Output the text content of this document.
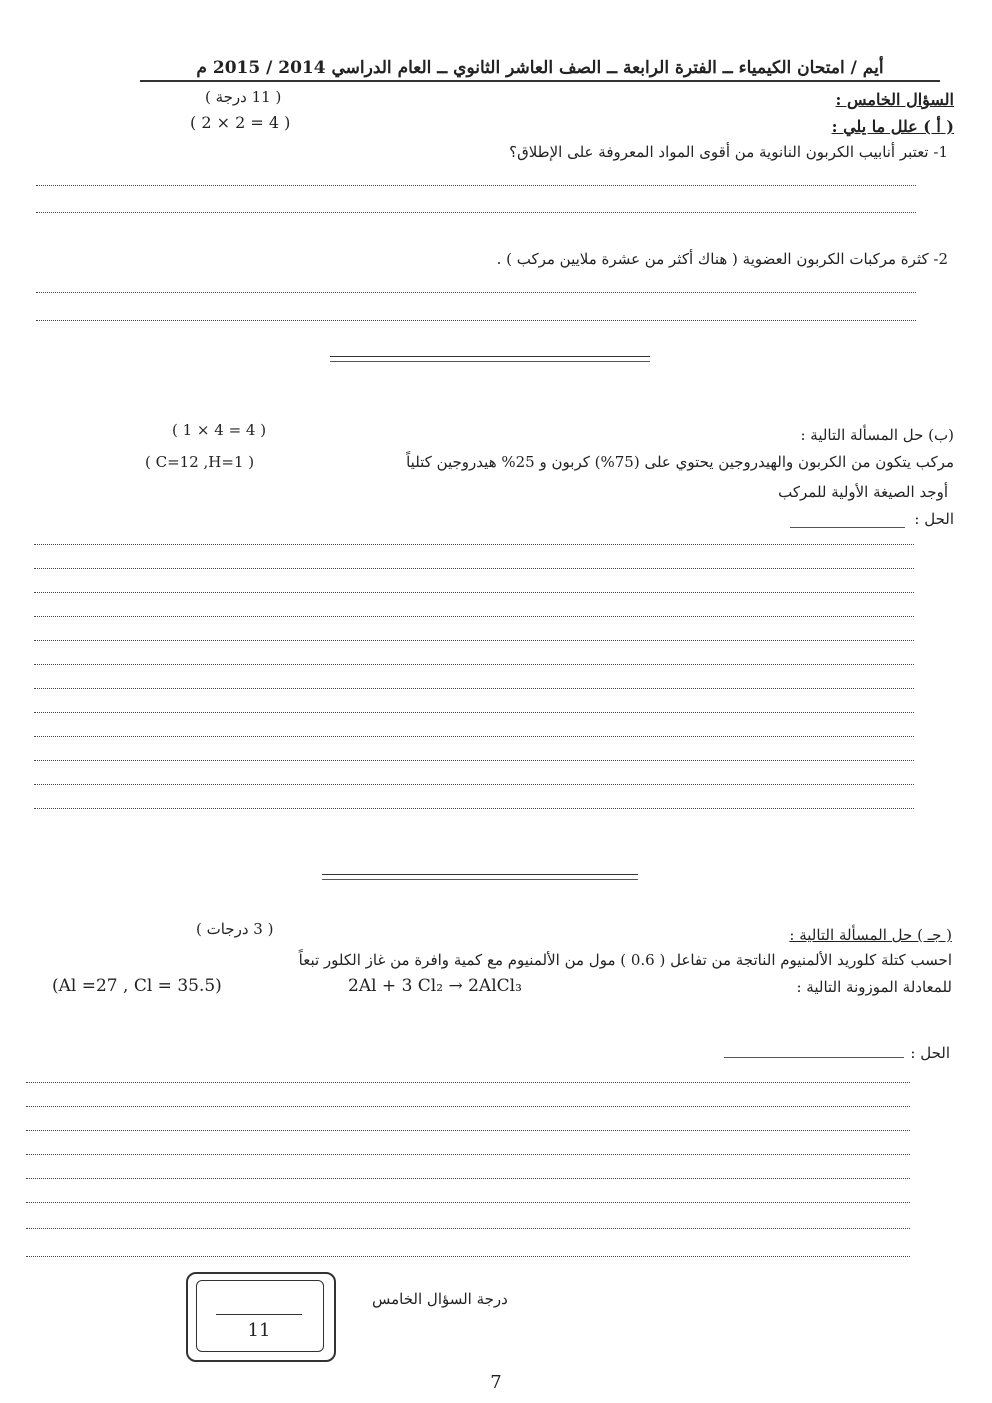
أيم / امتحان الكيمياء ــ الفترة الرابعة ــ الصف العاشر الثانوي ــ العام الدراسي 2014 / 2015 م
السؤال الخامس :
( 11 درجة )
( 2 × 2 = 4 )	( أ ) علل ما يلي :
1- تعتبر أنابيب الكربون النانوية من أقوى المواد المعروفة على الإطلاق؟
2- كثرة مركبات الكربون العضوية ( هناك أكثر من عشرة ملايين مركب ) .
( 1 × 4 = 4 )	(ب) حل المسألة التالية :
مركب يتكون من الكربون والهيدروجين يحتوي على (75%) كربون و 25% هيدروجين كتلياً
( C=12 ,H=1 )
أوجد الصيغة الأولية للمركب
الحل :
( 3 درجات )	( جـ ) حل المسألة التالية :
احسب كتلة كلوريد الألمنيوم الناتجة من تفاعل ( 0.6 ) مول من الألمنيوم مع كمية وافرة من غاز الكلور تبعاً
للمعادلة الموزونة التالية :
2Al + 3 Cl₂ → 2AlCl₃
(Al =27 , Cl = 35.5)
الحل :
11
درجة السؤال الخامس
7
